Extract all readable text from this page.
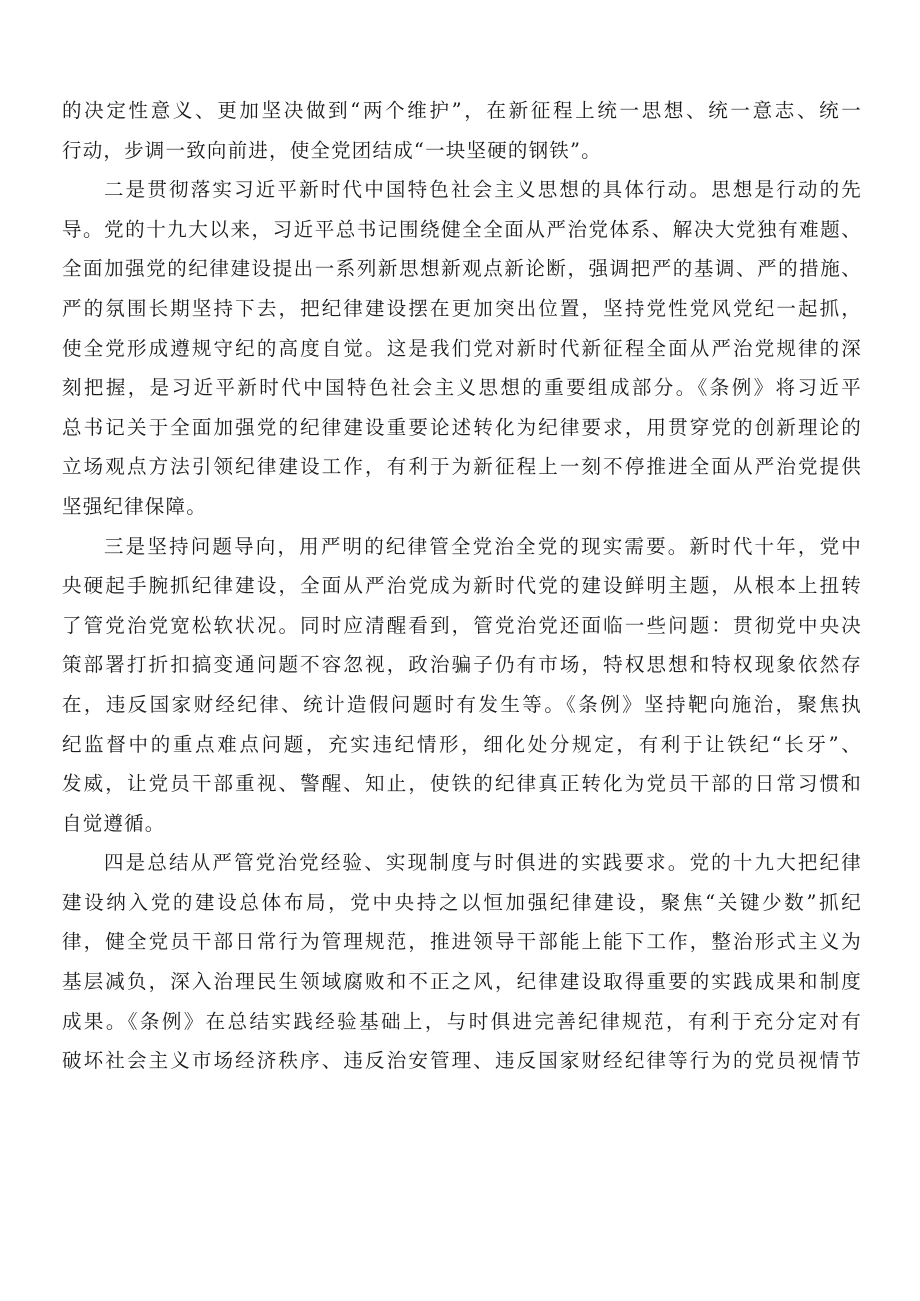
的决定性意义、更加坚决做到“两个维护”，在新征程上统一思想、统一意志、统一
行动，步调一致向前进，使全党团结成“一块坚硬的钢铁”。
二是贯彻落实习近平新时代中国特色社会主义思想的具体行动。思想是行动的先
导。党的十九大以来，习近平总书记围绕健全全面从严治党体系、解决大党独有难题、
全面加强党的纪律建设提出一系列新思想新观点新论断，强调把严的基调、严的措施、
严的氛围长期坚持下去，把纪律建设摆在更加突出位置，坚持党性党风党纪一起抓，
使全党形成遵规守纪的高度自觉。这是我们党对新时代新征程全面从严治党规律的深
刻把握，是习近平新时代中国特色社会主义思想的重要组成部分。《条例》将习近平
总书记关于全面加强党的纪律建设重要论述转化为纪律要求，用贯穿党的创新理论的
立场观点方法引领纪律建设工作，有利于为新征程上一刻不停推进全面从严治党提供
坚强纪律保障。
三是坚持问题导向，用严明的纪律管全党治全党的现实需要。新时代十年，党中
央硬起手腕抓纪律建设，全面从严治党成为新时代党的建设鲜明主题，从根本上扭转
了管党治党宽松软状况。同时应清醒看到，管党治党还面临一些问题：贯彻党中央决
策部署打折扣搞变通问题不容忽视，政治骗子仍有市场，特权思想和特权现象依然存
在，违反国家财经纪律、统计造假问题时有发生等。《条例》坚持靶向施治，聚焦执
纪监督中的重点难点问题，充实违纪情形，细化处分规定，有利于让铁纪“长牙”、
发威，让党员干部重视、警醒、知止，使铁的纪律真正转化为党员干部的日常习惯和
自觉遵循。
四是总结从严管党治党经验、实现制度与时俱进的实践要求。党的十九大把纪律
建设纳入党的建设总体布局，党中央持之以恒加强纪律建设，聚焦“关键少数”抓纪
律，健全党员干部日常行为管理规范，推进领导干部能上能下工作，整治形式主义为
基层减负，深入治理民生领域腐败和不正之风，纪律建设取得重要的实践成果和制度
成果。《条例》在总结实践经验基础上，与时俱进完善纪律规范，有利于充分定对有
破坏社会主义市场经济秩序、违反治安管理、违反国家财经纪律等行为的党员视情节
